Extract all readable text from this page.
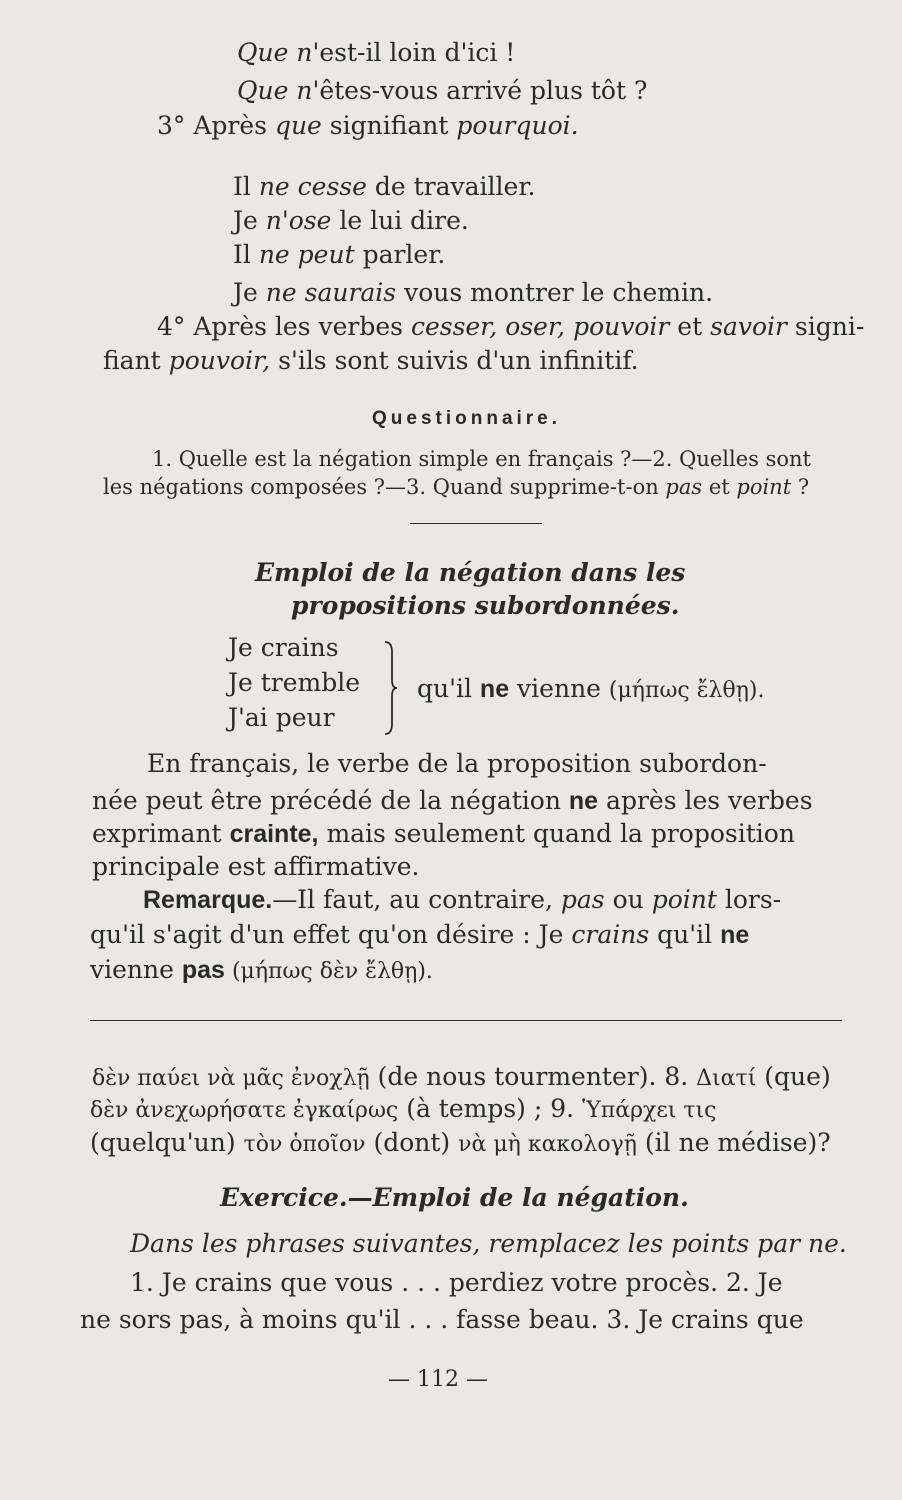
Que n'est-il loin d'ici !
Que n'êtes-vous arrivé plus tôt ?
3° Après que signifiant pourquoi.
Il ne cesse de travailler.
Je n'ose le lui dire.
Il ne peut parler.
Je ne saurais vous montrer le chemin.
4° Après les verbes cesser, oser, pouvoir et savoir signi-
fiant pouvoir, s'ils sont suivis d'un infinitif.
Questionnaire.
1. Quelle est la négation simple en français ?—2. Quelles sont
les négations composées ?—3. Quand supprime-t-on pas et point ?
Emploi de la négation dans les
propositions subordonnées.
Je crains
Je tremble
J'ai peur
qu'il ne vienne (μήπως ἔλθῃ).
En français, le verbe de la proposition subordon-
née peut être précédé de la négation ne après les verbes
exprimant crainte, mais seulement quand la proposition
principale est affirmative.
Remarque.—Il faut, au contraire, pas ou point lors-
qu'il s'agit d'un effet qu'on désire : Je crains qu'il ne
vienne pas (μήπως δὲν ἔλθῃ).
δὲν παύει νὰ μᾶς ἐνοχλῇ (de nous tourmenter). 8. Διατί (que)
δὲν ἀνεχωρήσατε ἐγκαίρως (à temps) ; 9. Ὑπάρχει τις
(quelqu'un) τὸν ὁποῖον (dont) νὰ μὴ κακολογῇ (il ne médise)?
Exercice.—Emploi de la négation.
Dans les phrases suivantes, remplacez les points par ne.
1. Je crains que vous . . . perdiez votre procès. 2. Je
ne sors pas, à moins qu'il . . . fasse beau. 3. Je crains que
— 112 —
